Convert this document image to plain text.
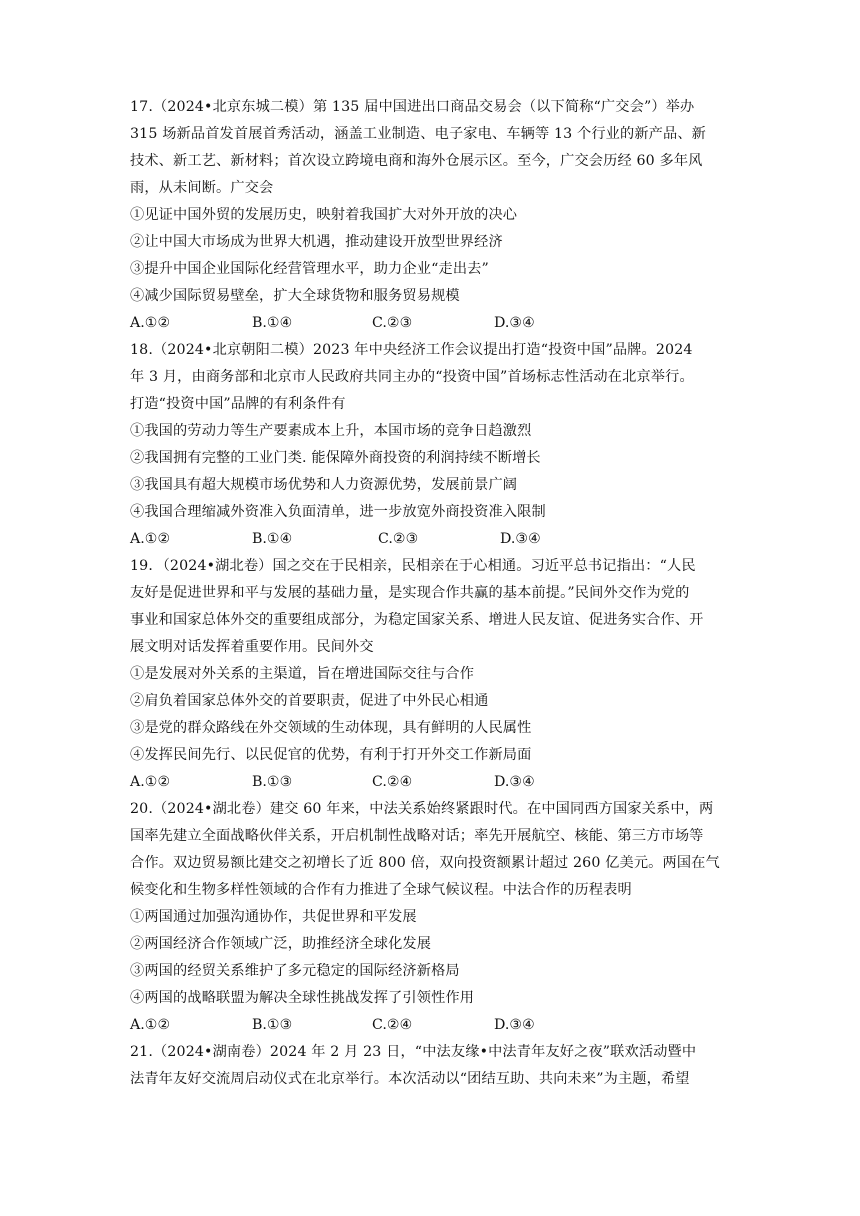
17.（2024•北京东城二模）第 135 届中国进出口商品交易会（以下简称“广交会”）举办
315 场新品首发首展首秀活动，涵盖工业制造、电子家电、车辆等 13 个行业的新产品、新
技术、新工艺、新材料；首次设立跨境电商和海外仓展示区。至今，广交会历经 60 多年风
雨，从未间断。广交会
①见证中国外贸的发展历史，映射着我国扩大对外开放的决心
②让中国大市场成为世界大机遇，推动建设开放型世界经济
③提升中国企业国际化经营管理水平，助力企业“走出去”
④减少国际贸易壁垒，扩大全球货物和服务贸易规模
A.①②	B.①④	C.②③	D.③④
18.（2024•北京朝阳二模）2023 年中央经济工作会议提出打造“投资中国”品牌。2024
年 3 月，由商务部和北京市人民政府共同主办的“投资中国”首场标志性活动在北京举行。
打造“投资中国”品牌的有利条件有
①我国的劳动力等生产要素成本上升，本国市场的竞争日趋激烈
②我国拥有完整的工业门类. 能保障外商投资的利润持续不断增长
③我国具有超大规模市场优势和人力资源优势，发展前景广阔
④我国合理缩减外资准入负面清单，进一步放宽外商投资准入限制
A.①②	B.①④	C.②③	D.③④
19．（2024•湖北卷）国之交在于民相亲，民相亲在于心相通。习近平总书记指出：“人民
友好是促进世界和平与发展的基础力量，是实现合作共赢的基本前提。”民间外交作为党的
事业和国家总体外交的重要组成部分，为稳定国家关系、增进人民友谊、促进务实合作、开
展文明对话发挥着重要作用。民间外交
①是发展对外关系的主渠道，旨在增进国际交往与合作
②肩负着国家总体外交的首要职责，促进了中外民心相通
③是党的群众路线在外交领域的生动体现，具有鲜明的人民属性
④发挥民间先行、以民促官的优势，有利于打开外交工作新局面
A.①②	B.①③	C.②④	D.③④
20.（2024•湖北卷）建交 60 年来，中法关系始终紧跟时代。在中国同西方国家关系中，两
国率先建立全面战略伙伴关系，开启机制性战略对话；率先开展航空、核能、第三方市场等
合作。双边贸易额比建交之初增长了近 800 倍，双向投资额累计超过 260 亿美元。两国在气
候变化和生物多样性领域的合作有力推进了全球气候议程。中法合作的历程表明
①两国通过加强沟通协作，共促世界和平发展
②两国经济合作领域广泛，助推经济全球化发展
③两国的经贸关系维护了多元稳定的国际经济新格局
④两国的战略联盟为解决全球性挑战发挥了引领性作用
A.①②	B.①③	C.②④	D.③④
21.（2024•湖南卷）2024 年 2 月 23 日，“中法友缘•中法青年友好之夜”联欢活动暨中
法青年友好交流周启动仪式在北京举行。本次活动以“团结互助、共向未来”为主题，希望
